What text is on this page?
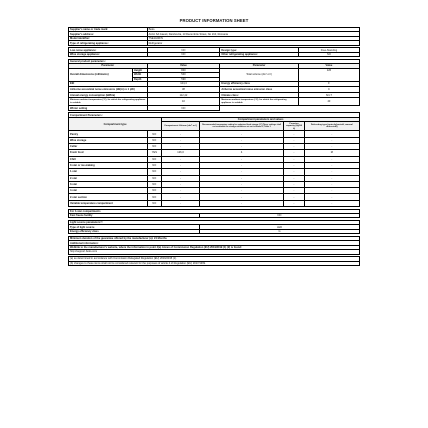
PRODUCT INFORMATION SHEET
Supplier's name or trade mark:	Beko
Supplier's address:	Arctic SA Gaesti, Dambovita, 13 Decembrie Street, No 210, Romania
Model identifier:	TSE1423FN
Type of refrigerating appliance:	Refrigerator
Low-noise appliance:	NO	Design type:	Free-Standing
Wine storage appliance:	NO	Other refrigerating appliance:	NO
General product parameters:				
Parameter		Value	Parameter	Value
Overall dimensions (millimetre)	Height	840	Total volume (dm³ or l)	126
	Width	540		
	Depth	590		
EEI		124,4	Energy efficiency class	F
Airborne acoustical noise emissions (dB(A) re 1 pW)		38	Airborne acoustical noise emission class	C
Annual energy consumption (kWh/a)		112,42	Climate class:	SN-T
Minimum ambient temperature (°C), for which the refrigerating appliance is suitable		10	Maximum ambient temperature (°C), for which the refrigerating appliance is suitable	43
Winter setting		NO		
Compartment Parameters:					
Compartment type		Compartment parameters and values			
		Compartment Volume (dm³ or l)	Recommended temperature setting for optimised food storage (°C) These settings shall not contradict the storage conditions set out in Annex IV, Table 3	Freezing capacity (kg/24 h)	Defrosting type (auto-defrost=A, manual defrost=M)
Pantry	NO	-	-	-	-
Wine storage	NO	-	-	-	-
Cellar	NO	-	-	-	-
Fresh food	YES	126,0	4	-	M
Chill	NO	-	-	-	-
0-star or ice-making	NO	-	-	-	-
1-star	NO	-	-	-	-
2-star	NO	-	-	-	-
3-star	NO	-	-	-	-
4-star	NO	-	-	-	-
2-star section	NO	-	-	-	-
Variable temperature compartment	NO	-	-	-	-
For 4-star compartments
Fast freeze facility	NO
Light source parametersᵃᵇ:	
Type of light source	LED
Energy efficiency class	G
Minimum duration of the guarantee offered by the manufacturer (a): 24 Months
Additional information:
Weblink to the manufacturer's website, where the information in point 4(a) Annex of Commission Regulation (EU) 2019/2019 (1) (2) is found:
http://support.beko.com
(a) as determined in accordance with Commission Delegated Regulation (EU) 2019/2015 (1).
(b) changes to these items shall not be considered relevant for the purposes of article 4 of Regulation (EU) 2017/1369.
